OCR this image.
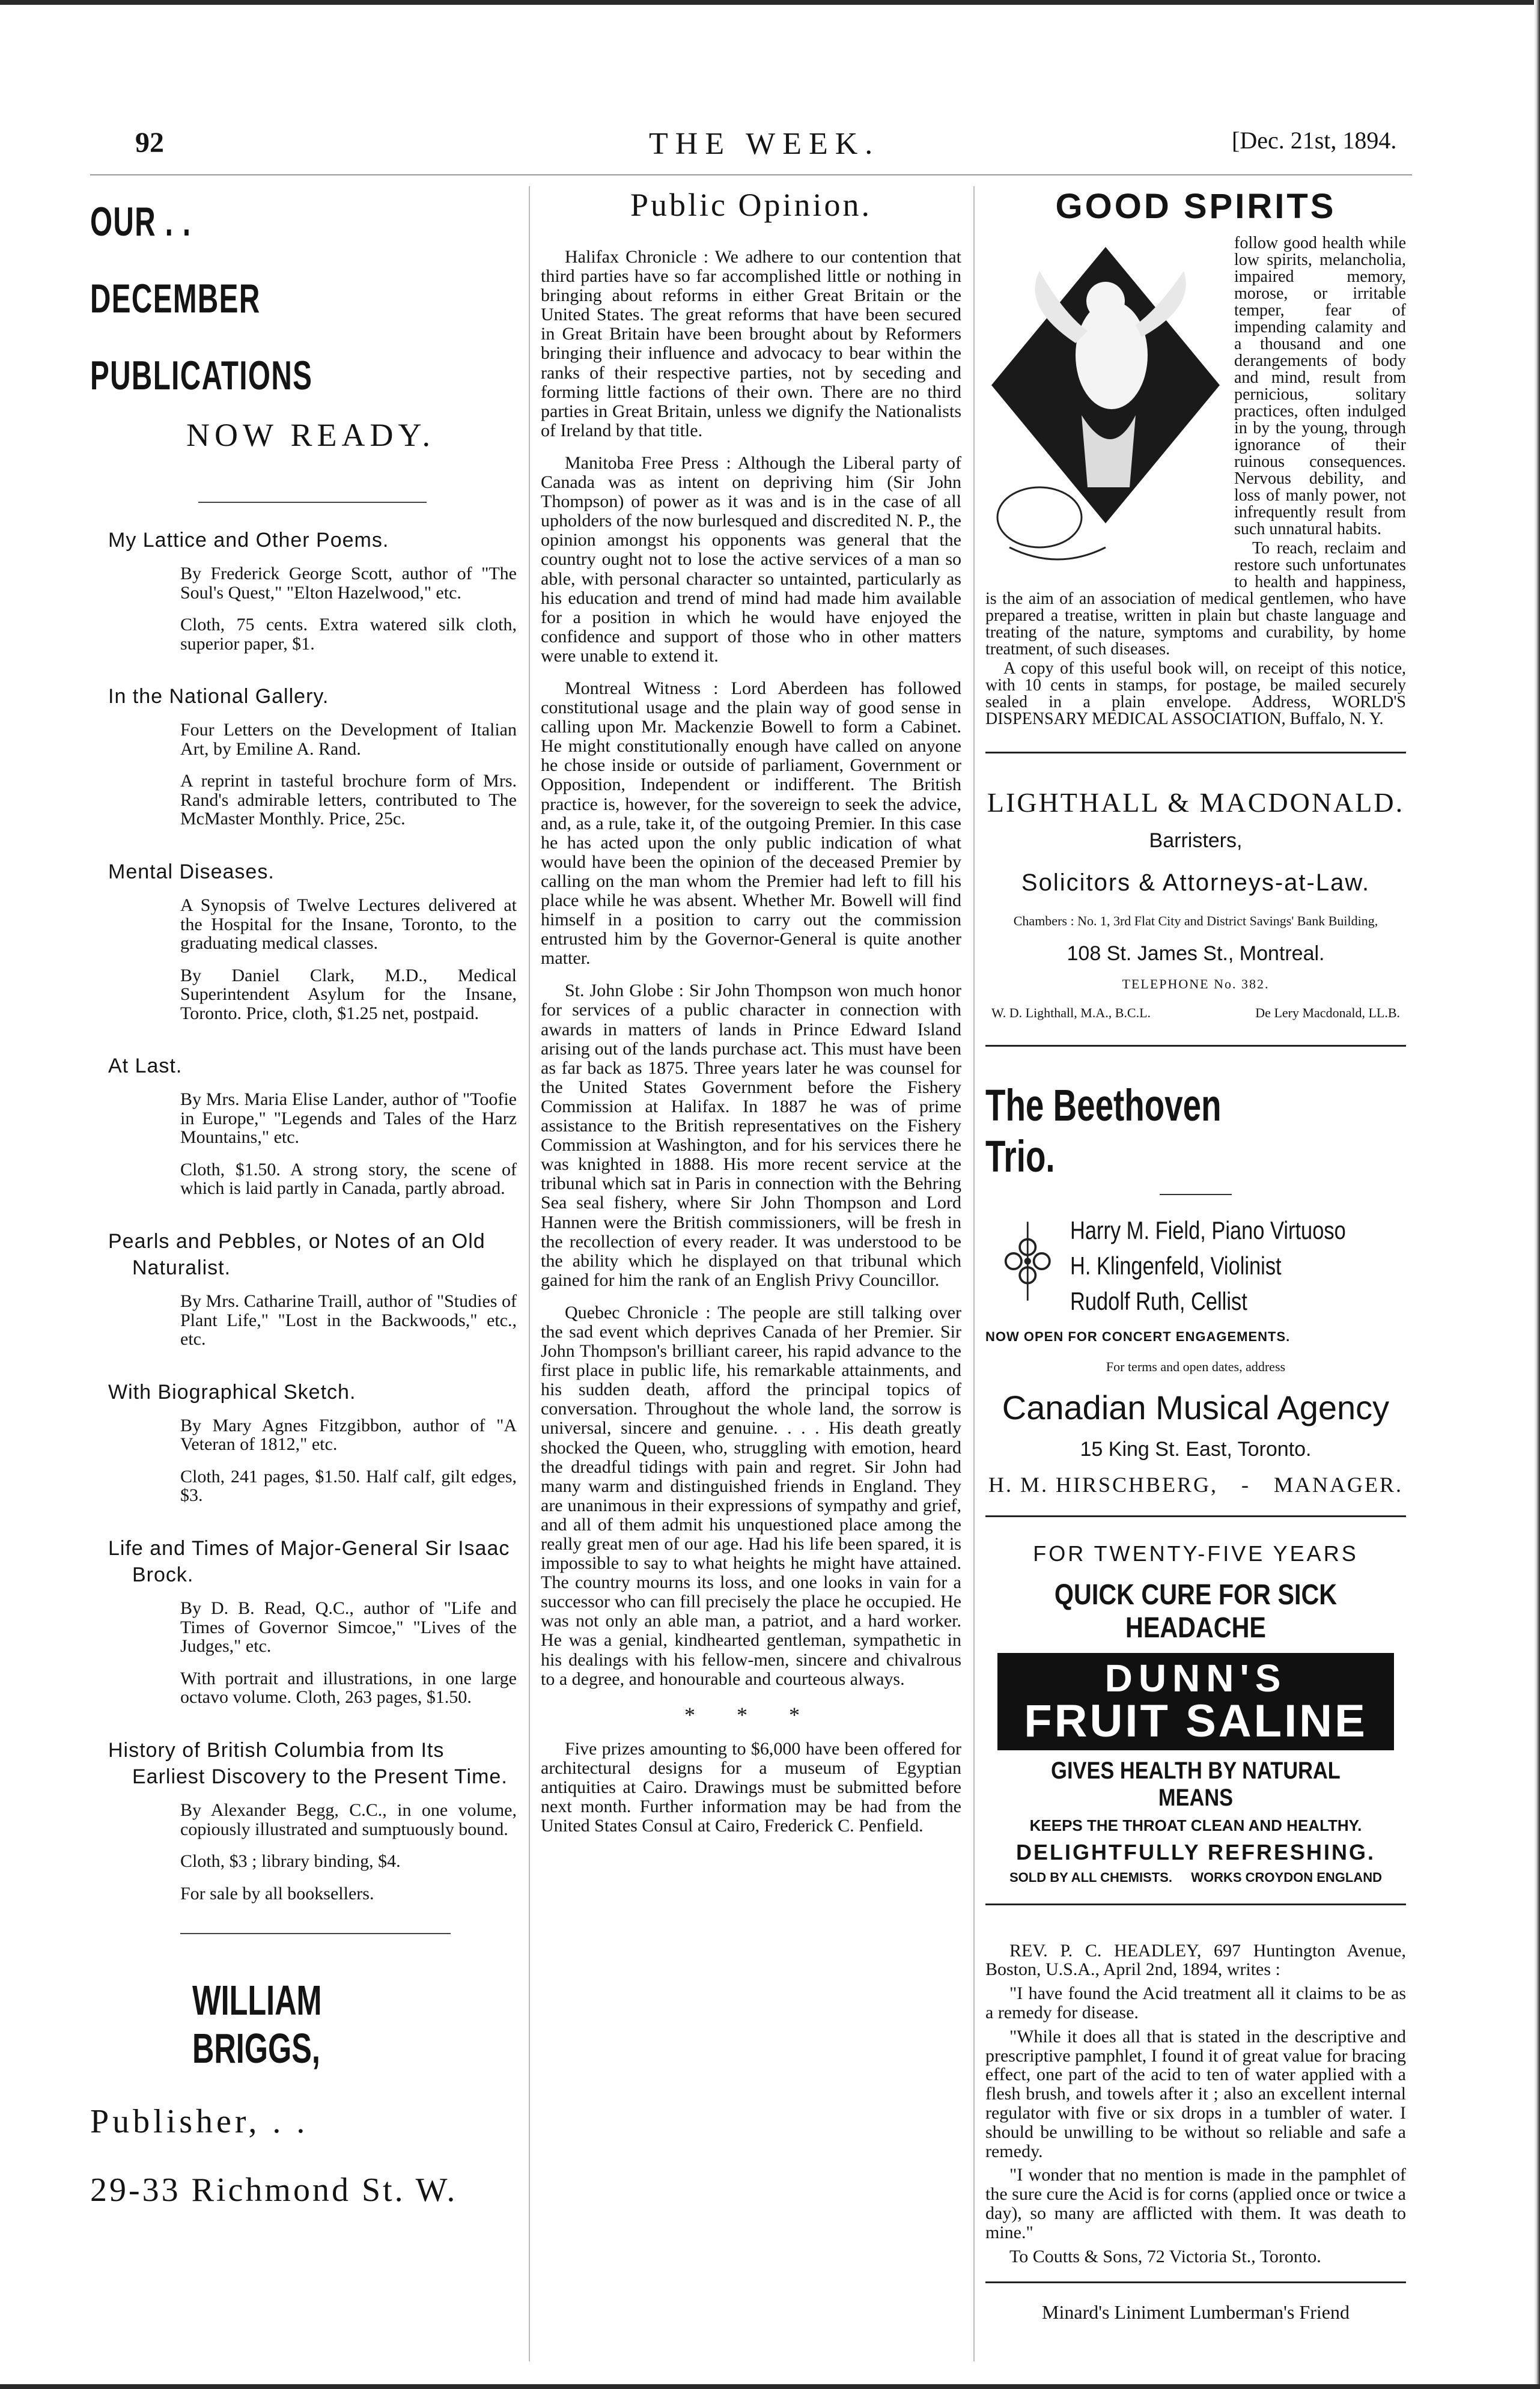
92	THE WEEK.	[Dec. 21st, 1894.
OUR . .
DECEMBER
PUBLICATIONS
NOW READY.
My Lattice and Other Poems.
By Frederick George Scott, author of "The Soul's Quest," "Elton Hazelwood," etc.
Cloth, 75 cents. Extra watered silk cloth, superior paper, $1.
In the National Gallery.
Four Letters on the Development of Italian Art, by Emiline A. Rand.
A reprint in tasteful brochure form of Mrs. Rand's admirable letters, contributed to The McMaster Monthly. Price, 25c.
Mental Diseases.
A Synopsis of Twelve Lectures delivered at the Hospital for the Insane, Toronto, to the graduating medical classes.
By Daniel Clark, M.D., Medical Superintendent Asylum for the Insane, Toronto. Price, cloth, $1.25 net, postpaid.
At Last.
By Mrs. Maria Elise Lander, author of "Toofie in Europe," "Legends and Tales of the Harz Mountains," etc.
Cloth, $1.50. A strong story, the scene of which is laid partly in Canada, partly abroad.
Pearls and Pebbles, or Notes of an Old Naturalist.
By Mrs. Catharine Traill, author of "Studies of Plant Life," "Lost in the Backwoods," etc., etc.
With Biographical Sketch.
By Mary Agnes Fitzgibbon, author of "A Veteran of 1812," etc.
Cloth, 241 pages, $1.50. Half calf, gilt edges, $3.
Life and Times of Major-General Sir Isaac Brock.
By D. B. Read, Q.C., author of "Life and Times of Governor Simcoe," "Lives of the Judges," etc.
With portrait and illustrations, in one large octavo volume. Cloth, 263 pages, $1.50.
History of British Columbia from Its Earliest Discovery to the Present Time.
By Alexander Begg, C.C., in one volume, copiously illustrated and sumptuously bound.
Cloth, $3 ; library binding, $4.
For sale by all booksellers.
WILLIAM BRIGGS,
Publisher, . .
29-33 Richmond St. W.
Public Opinion.

Halifax Chronicle : We adhere to our contention that third parties have so far accomplished little or nothing in bringing about reforms in either Great Britain or the United States. The great reforms that have been secured in Great Britain have been brought about by Reformers bringing their influence and advocacy to bear within the ranks of their respective parties, not by seceding and forming little factions of their own. There are no third parties in Great Britain, unless we dignify the Nationalists of Ireland by that title.

Manitoba Free Press : Although the Liberal party of Canada was as intent on depriving him (Sir John Thompson) of power as it was and is in the case of all upholders of the now burlesqued and discredited N. P., the opinion amongst his opponents was general that the country ought not to lose the active services of a man so able, with personal character so untainted, particularly as his education and trend of mind had made him available for a position in which he would have enjoyed the confidence and support of those who in other matters were unable to extend it.

Montreal Witness : Lord Aberdeen has followed constitutional usage and the plain way of good sense in calling upon Mr. Mackenzie Bowell to form a Cabinet. He might constitutionally enough have called on anyone he chose inside or outside of parliament, Government or Opposition, Independent or indifferent. The British practice is, however, for the sovereign to seek the advice, and, as a rule, take it, of the outgoing Premier. In this case he has acted upon the only public indication of what would have been the opinion of the deceased Premier by calling on the man whom the Premier had left to fill his place while he was absent. Whether Mr. Bowell will find himself in a position to carry out the commission entrusted him by the Governor-General is quite another matter.

St. John Globe : Sir John Thompson won much honor for services of a public character in connection with awards in matters of lands in Prince Edward Island arising out of the lands purchase act. This must have been as far back as 1875. Three years later he was counsel for the United States Government before the Fishery Commission at Halifax. In 1887 he was of prime assistance to the British representatives on the Fishery Commission at Washington, and for his services there he was knighted in 1888. His more recent service at the tribunal which sat in Paris in connection with the Behring Sea seal fishery, where Sir John Thompson and Lord Hannen were the British commissioners, will be fresh in the recollection of every reader. It was understood to be the ability which he displayed on that tribunal which gained for him the rank of an English Privy Councillor.

Quebec Chronicle : The people are still talking over the sad event which deprives Canada of her Premier. Sir John Thompson's brilliant career, his rapid advance to the first place in public life, his remarkable attainments, and his sudden death, afford the principal topics of conversation. Throughout the whole land, the sorrow is universal, sincere and genuine. . . . His death greatly shocked the Queen, who, struggling with emotion, heard the dreadful tidings with pain and regret. Sir John had many warm and distinguished friends in England. They are unanimous in their expressions of sympathy and grief, and all of them admit his unquestioned place among the really great men of our age. Had his life been spared, it is impossible to say to what heights he might have attained. The country mourns its loss, and one looks in vain for a successor who can fill precisely the place he occupied. He was not only an able man, a patriot, and a hard worker. He was a genial, kindhearted gentleman, sympathetic in his dealings with his fellow-men, sincere and chivalrous to a degree, and honourable and courteous always.

* * *

Five prizes amounting to $6,000 have been offered for architectural designs for a museum of Egyptian antiquities at Cairo. Drawings must be submitted before next month. Further information may be had from the United States Consul at Cairo, Frederick C. Penfield.

GOOD SPIRITS
follow good health while low spirits, melancholia, impaired memory, morose, or irritable temper, fear of impending calamity and a thousand and one derangements of body and mind, result from pernicious, solitary practices, often indulged in by the young, through ignorance of their ruinous consequences. Nervous debility, and loss of manly power, not infrequently result from such unnatural habits.
To reach, reclaim and restore such unfortunates to health and happiness, is the aim of an association of medical gentlemen, who have prepared a treatise, written in plain but chaste language and treating of the nature, symptoms and curability, by home treatment, of such diseases.
A copy of this useful book will, on receipt of this notice, with 10 cents in stamps, for postage, be mailed securely sealed in a plain envelope. Address, WORLD'S DISPENSARY MEDICAL ASSOCIATION, Buffalo, N. Y.
LIGHTHALL & MACDONALD.
Barristers,
Solicitors & Attorneys-at-Law.
Chambers : No. 1, 3rd Flat City and District Savings' Bank Building,
108 St. James St., Montreal.
TELEPHONE No. 382.
W. D. Lighthall, M.A., B.C.L.	De Lery Macdonald, LL.B.
The Beethoven Trio.
Harry M. Field, Piano Virtuoso
H. Klingenfeld, Violinist
Rudolf Ruth, Cellist
NOW OPEN FOR CONCERT ENGAGEMENTS.
For terms and open dates, address
Canadian Musical Agency
15 King St. East, Toronto.
H. M. HIRSCHBERG, - MANAGER.
FOR TWENTY-FIVE YEARS
QUICK CURE FOR SICK HEADACHE
DUNN'S
FRUIT SALINE
GIVES HEALTH BY NATURAL MEANS
KEEPS THE THROAT CLEAN AND HEALTHY.
DELIGHTFULLY REFRESHING.
SOLD BY ALL CHEMISTS. WORKS CROYDON ENGLAND

REV. P. C. HEADLEY, 697 Huntington Avenue, Boston, U.S.A., April 2nd, 1894, writes :

"I have found the Acid treatment all it claims to be as a remedy for disease.

"While it does all that is stated in the descriptive and prescriptive pamphlet, I found it of great value for bracing effect, one part of the acid to ten of water applied with a flesh brush, and towels after it ; also an excellent internal regulator with five or six drops in a tumbler of water. I should be unwilling to be without so reliable and safe a remedy.

"I wonder that no mention is made in the pamphlet of the sure cure the Acid is for corns (applied once or twice a day), so many are afflicted with them. It was death to mine."

To Coutts & Sons, 72 Victoria St., Toronto.

Minard's Liniment Lumberman's Friend
